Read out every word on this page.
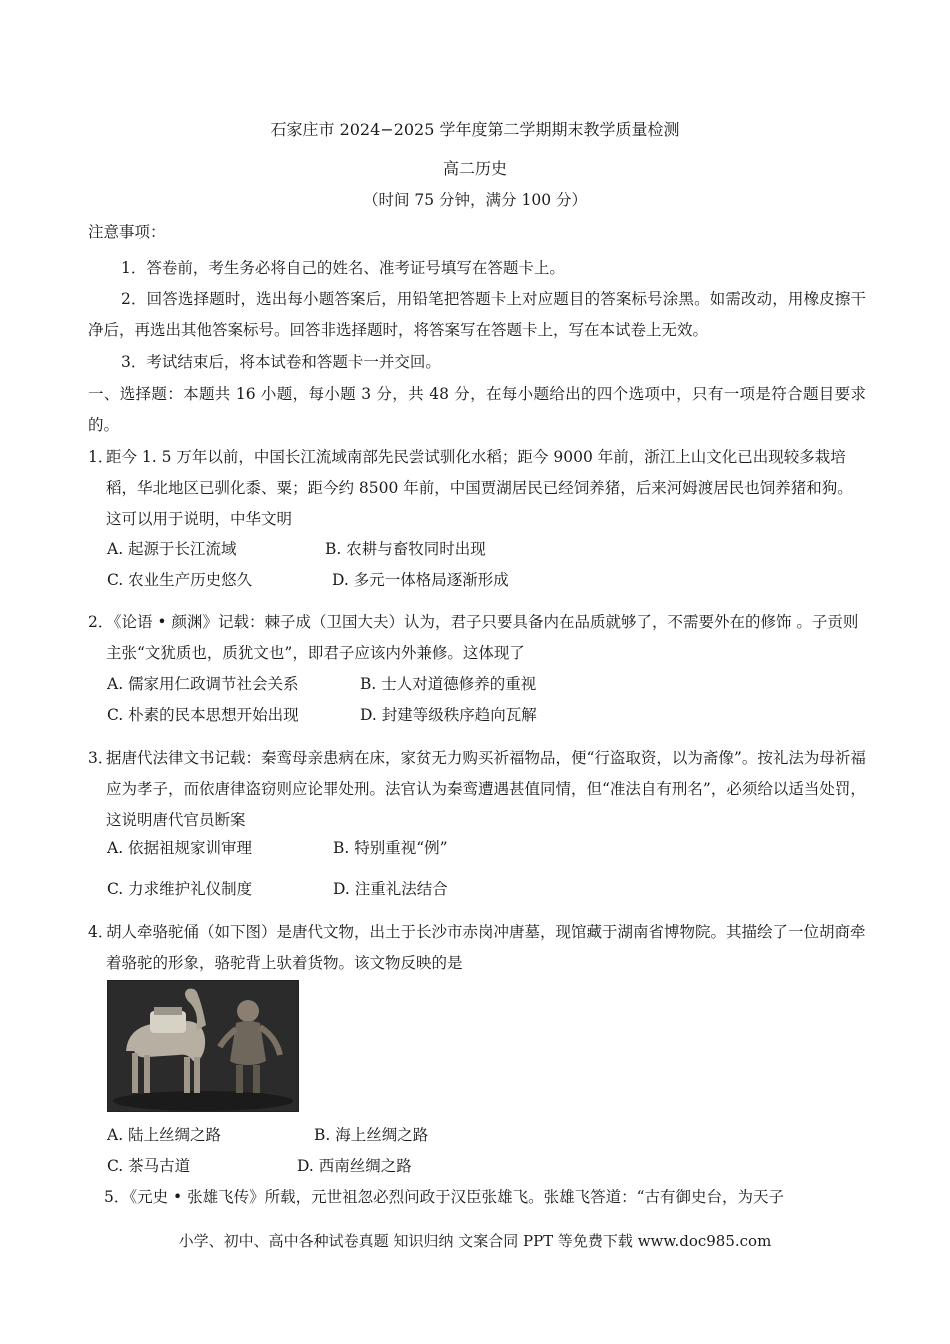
石家庄市 2024−2025 学年度第二学期期末教学质量检测
高二历史
（时间 75 分钟，满分 100 分）
注意事项：
1．答卷前，考生务必将自己的姓名、准考证号填写在答题卡上。
2．回答选择题时，选出每小题答案后，用铅笔把答题卡上对应题目的答案标号涂黑。如需改动，用橡皮擦干净后，再选出其他答案标号。回答非选择题时，将答案写在答题卡上，写在本试卷上无效。
3．考试结束后，将本试卷和答题卡一并交回。
一、选择题：本题共 16 小题，每小题 3 分，共 48 分，在每小题给出的四个选项中，只有一项是符合题目要求的。
1．
距今 1. 5 万年以前，中国长江流域南部先民尝试驯化水稻；距今 9000 年前，浙江上山文化已出现较多栽培稻，华北地区已驯化黍、粟；距今约 8500 年前，中国贾湖居民已经饲养猪，后来河姆渡居民也饲养猪和狗。这可以用于说明，中华文明
A. 起源于长江流域	B. 农耕与畜牧同时出现
C. 农业生产历史悠久	D. 多元一体格局逐渐形成
2．
《论语 • 颜渊》记载：棘子成（卫国大夫）认为，君子只要具备内在品质就够了，不需要外在的修饰 。子贡则主张“文犹质也，质犹文也”，即君子应该内外兼修。这体现了
A. 儒家用仁政调节社会关系	B. 士人对道德修养的重视
C. 朴素的民本思想开始出现	D. 封建等级秩序趋向瓦解
3．
据唐代法律文书记载：秦鸾母亲患病在床，家贫无力购买祈福物品，便“行盗取资，以为斋像”。按礼法为母祈福应为孝子，而依唐律盗窃则应论罪处刑。法官认为秦鸾遭遇甚值同情，但“准法自有刑名”，必须给以适当处罚，这说明唐代官员断案
A. 依据祖规家训审理	B. 特别重视“例”
C. 力求维护礼仪制度	D. 注重礼法结合
4．
胡人牵骆驼俑（如下图）是唐代文物，出土于长沙市赤岗冲唐墓，现馆藏于湖南省博物院。其描绘了一位胡商牵着骆驼的形象，骆驼背上驮着货物。该文物反映的是
A. 陆上丝绸之路	B. 海上丝绸之路
C. 茶马古道	D. 西南丝绸之路
5．《元史 • 张雄飞传》所载，元世祖忽必烈问政于汉臣张雄飞。张雄飞答道：“古有御史台，为天子
小学、初中、高中各种试卷真题 知识归纳 文案合同 PPT 等免费下载 www.doc985.com
